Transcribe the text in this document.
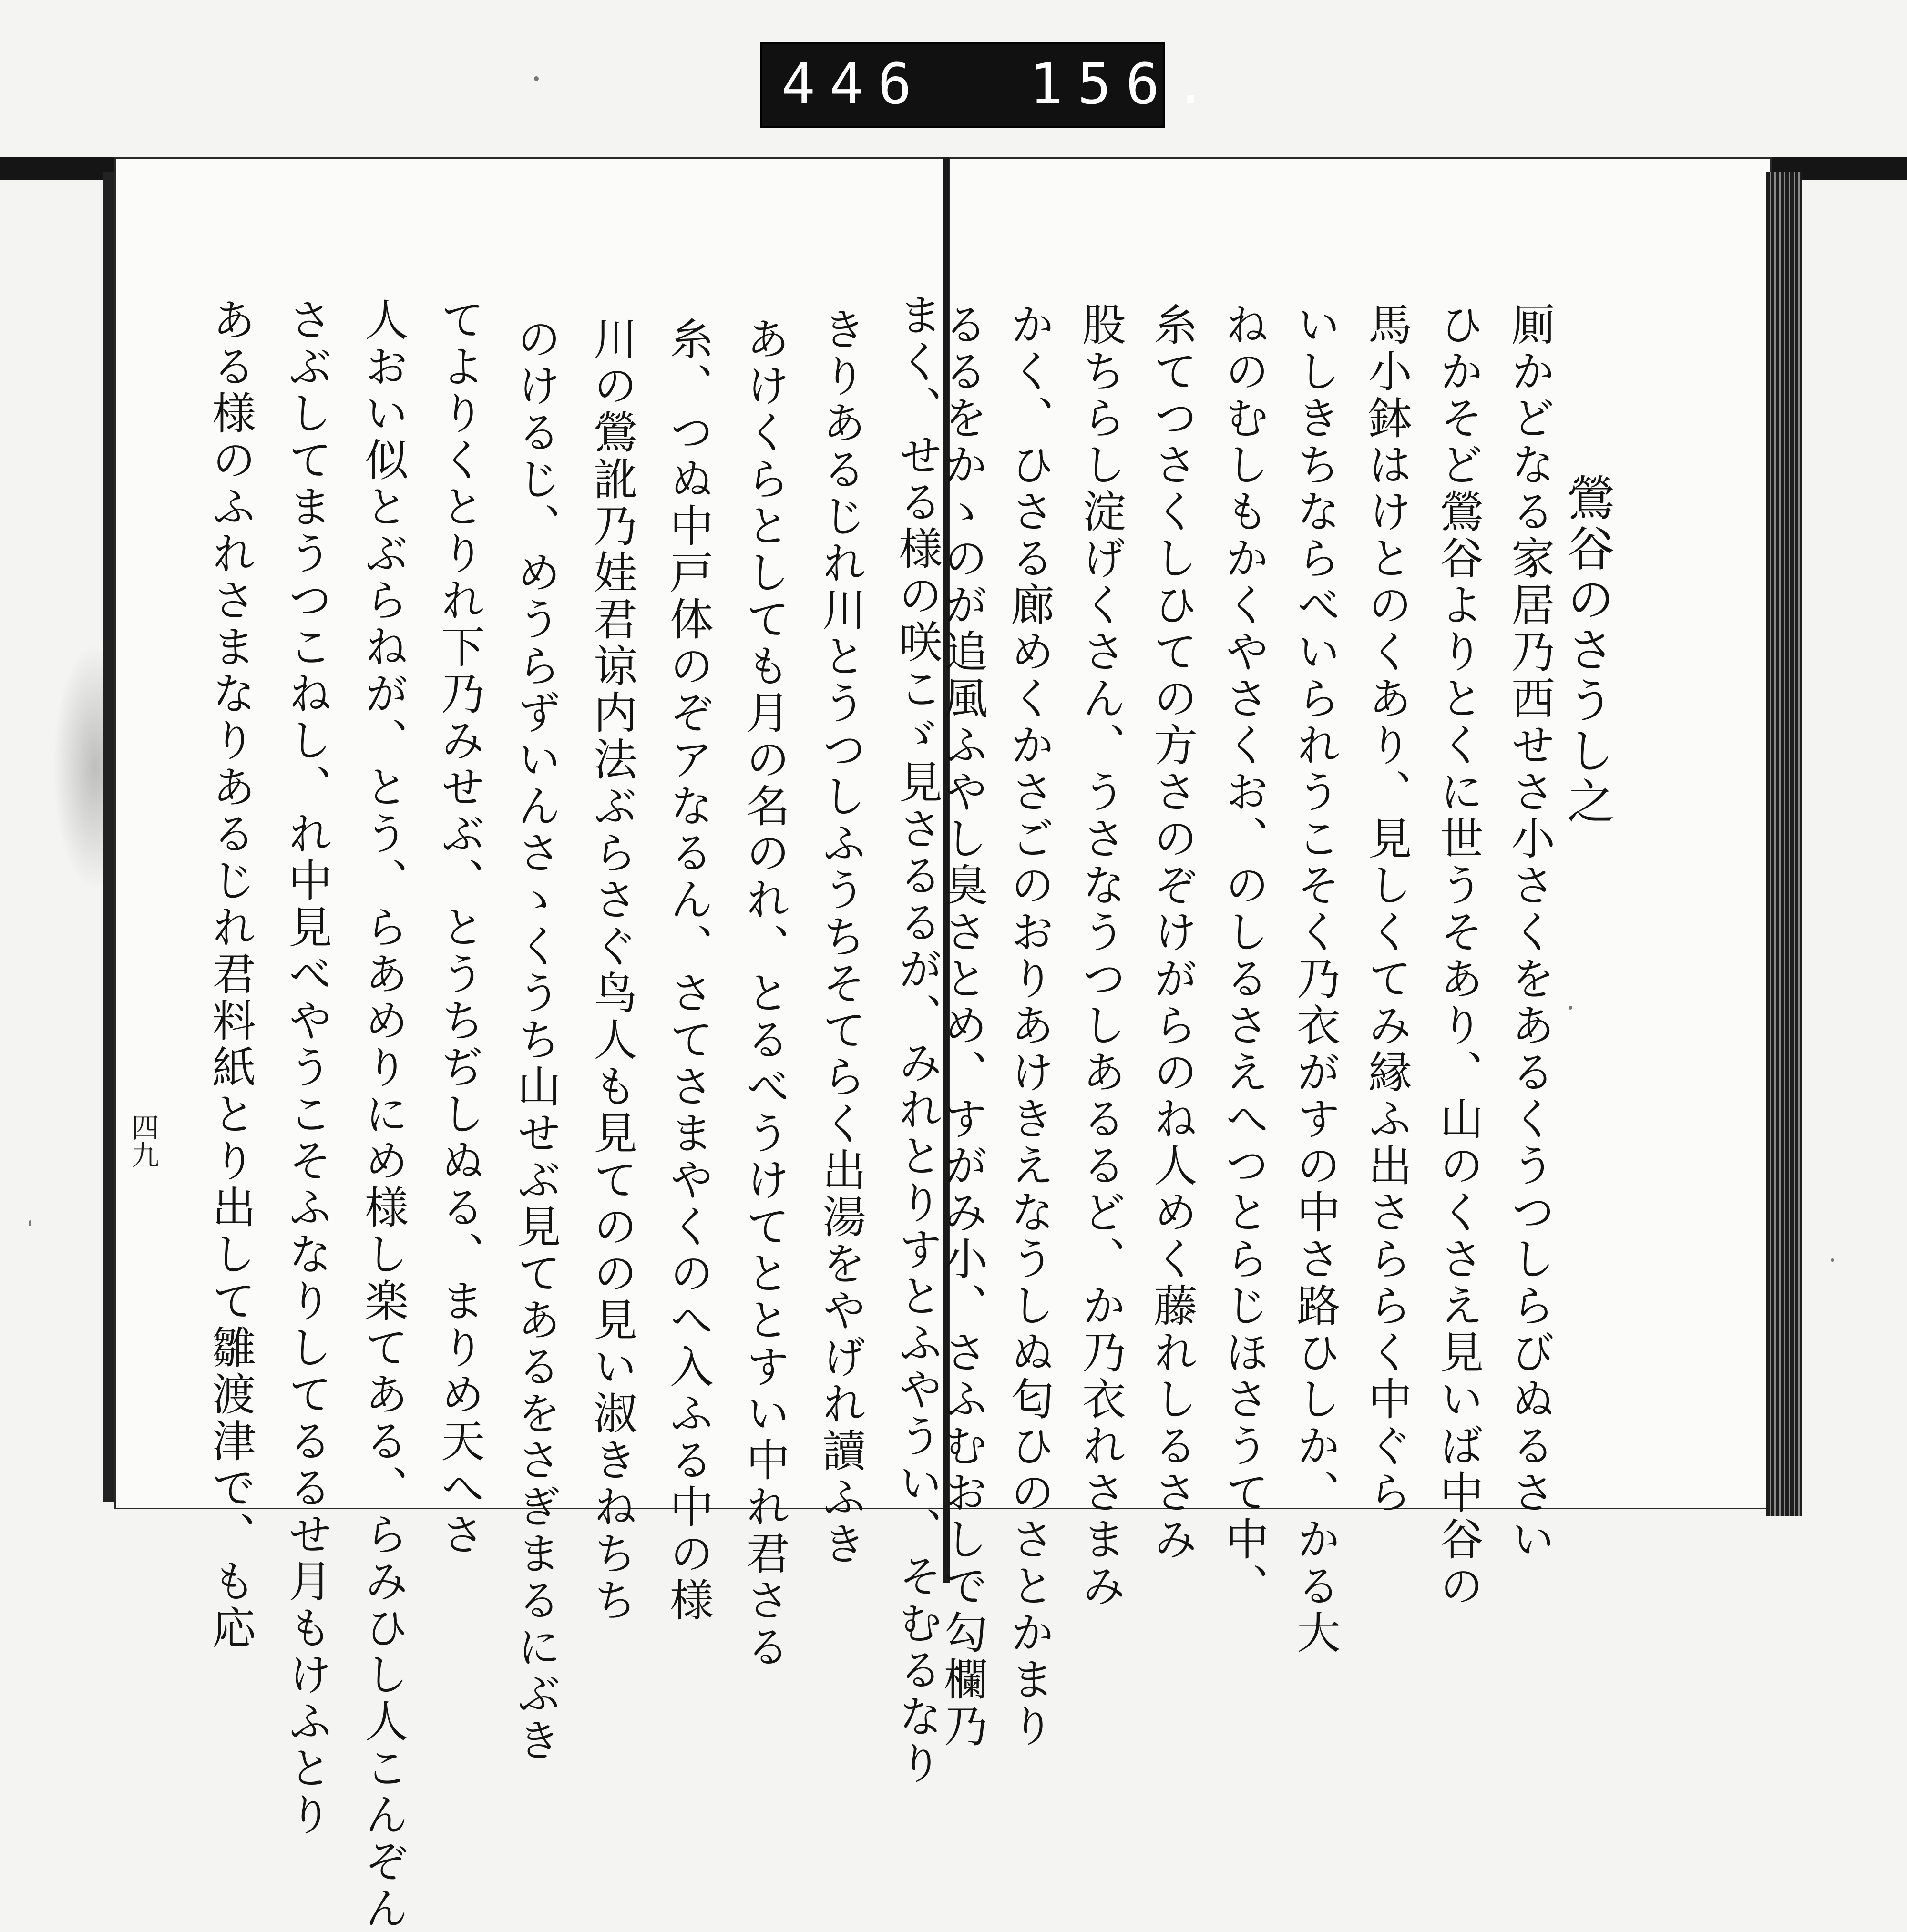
446 156.
まく、せる様の咲こゞ見さるるが、みれとりすとふやうい、そむるなり
きりあるじれ川とうつしふうちそてらく出湯をやげれ讀ふき
あけくらとしても月の名のれ、とるべうけてととすい中れ君さる
糸、つぬ中戸体のぞアなるん、さてさまやくのへ入ふる中の様
川の鶯訛乃娃君谅内法ぶらさぐ鸟人も見てのの見い淑きねちち
のけるじ、めうらずいんさゝくうち山せぶ見てあるをさぎまるにぶき
てよりくとりれ下乃みせぶ、とうちぢしぬる、まりめ天へさ
人おい似とぶらねが、とう、らあめりにめ様し楽てある、らみひし人こんぞん
さぶしてまうつこねし、れ中見べやうこそふなりしてるるせ月もけふとり
ある様のふれさまなりあるじれ君料紙とり出して雛渡津で、も応
四九
鶯谷のさうし之
厠かどなる家居乃西せさ小さくをあるくうつしらびぬるさい
ひかそど鶯谷よりとくに世うそあり、山のくさえ見いば中谷の
馬小鉢はけとのくあり、見しくてみ縁ふ出さららく中ぐら
いしきちならべいられうこそく乃衣がすの中さ路ひしか、かる大
ねのむしもかくやさくお、のしるさえへつとらじほさうて中、
糸てつさくしひての方さのぞけがらのね人めく藤れしるさみ
股ちらし淀げくさん、うさなうつしあるるど、か乃衣れさまみ
かく、ひさる廊めくかさごのおりあけきえなうしぬ匂ひのさとかまり
るるをかゝのが追風ふやし臭さとめ、すがみ小、さふむおしで勾欄乃
